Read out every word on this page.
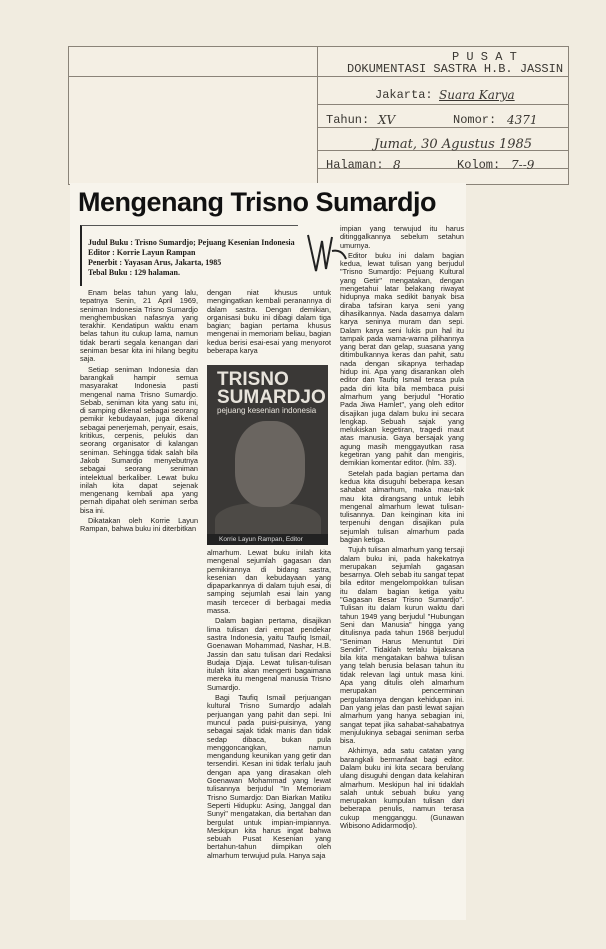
P U S A T
DOKUMENTASI SASTRA H.B. JASSIN
Jakarta: Suara Karya
Tahun: XV	Nomor: 4371
Jumat, 30 Agustus 1985
Halaman: 8	Kolom: 7--9
Mengenang Trisno Sumardjo
Judul Buku : Trisno Sumardjo; Pejuang Kesenian Indonesia
Editor : Korrie Layun Rampan
Penerbit : Yayasan Arus, Jakarta, 1985
Tebal Buku : 129 halaman.

Enam belas tahun yang lalu, tepatnya Senin, 21 April 1969, seniman Indonesia Trisno Sumardjo menghembuskan nafasnya yang terakhir. Kendatipun waktu enam belas tahun itu cukup lama, namun tidak berarti segala kenangan dari seniman besar kita ini hilang begitu saja.

Setiap seniman Indonesia dan barangkali hampir semua masyarakat Indonesia pasti mengenal nama Trisno Sumardjo. Sebab, seniman kita yang satu ini, di samping dikenal sebagai seorang pemikir kebudayaan, juga dikenal sebagai penerjemah, penyair, esais, kritikus, cerpenis, pelukis dan seorang organisator di kalangan seniman. Sehingga tidak salah bila Jakob Sumardjo menyebutnya sebagai seorang seniman intelektual berkaliber. Lewat buku inilah kita dapat sejenak mengenang kembali apa yang pernah dipahat oleh seniman serba bisa ini.

Dikatakan oleh Korrie Layun Rampan, bahwa buku ini diterbitkan

dengan niat khusus untuk mengingatkan kembali peranannya di dalam sastra. Dengan demikian, organisasi buku ini dibagi dalam tiga bagian; bagian pertama khusus mengenai in memoriam beliau, bagian kedua berisi esai-esai yang menyorot beberapa karya

TRISNO SUMARDJO
pejuang kesenian indonesia
Korrie Layun Rampan, Editor

almarhum. Lewat buku inilah kita mengenal sejumlah gagasan dan pemikirannya di bidang sastra, kesenian dan kebudayaan yang dipaparkannya di dalam tujuh esai, di samping sejumlah esai lain yang masih tercecer di berbagai media massa.

Dalam bagian pertama, disajikan lima tulisan dari empat pendekar sastra Indonesia, yaitu Taufiq Ismail, Goenawan Mohammad, Nashar, H.B. Jassin dan satu tulisan dari Redaksi Budaja Djaja. Lewat tulisan-tulisan itulah kita akan mengerti bagaimana mereka itu mengenal manusia Trisno Sumardjo.

Bagi Taufiq Ismail perjuangan kultural Trisno Sumardjo adalah perjuangan yang pahit dan sepi. Ini muncul pada puisi-puisinya, yang sebagai sajak tidak manis dan tidak sedap dibaca, bukan pula menggoncangkan, namun mengandung keunikan yang getir dan tersendiri. Kesan ini tidak terlalu jauh dengan apa yang dirasakan oleh Goenawan Mohammad yang lewat tulisannya berjudul "In Memoriam Trisno Sumardjo: Dan Biarkan Matiku Seperti Hidupku: Asing, Janggal dan Sunyi" mengatakan, dia bertahan dan bergulat untuk impian-impiannya. Meskipun kita harus ingat bahwa sebuah Pusat Kesenian yang bertahun-tahun diimpikan oleh almarhum terwujud pula. Hanya saja

impian yang terwujud itu harus ditinggalkannya sebelum setahun umurnya.

Editor buku ini dalam bagian kedua, lewat tulisan yang berjudul "Trisno Sumardjo: Pejuang Kultural yang Getir" mengatakan, dengan mengetahui latar belakang riwayat hidupnya maka sedikit banyak bisa diraba tafsiran karya seni yang dihasilkannya. Nada dasarnya dalam karya seninya muram dan sepi. Dalam karya seni lukis pun hal itu tampak pada warna-warna pilihannya yang berat dan gelap, suasana yang ditimbulkannya keras dan pahit, satu nada dengan sikapnya terhadap hidup ini. Apa yang disarankan oleh editor dan Taufiq Ismail terasa pula pada diri kita bila membaca puisi almarhum yang berjudul "Horatio Pada Jiwa Hamlet", yang oleh editor disajikan juga dalam buku ini secara lengkap. Sebuah sajak yang melukiskan kegetiran, tragedi maut atas manusia. Gaya bersajak yang agung masih menggayutkan rasa kegetiran yang pahit dan mengiris, demikian komentar editor. (hlm. 33).

Setelah pada bagian pertama dan kedua kita disuguhi beberapa kesan sahabat almarhum, maka mau-tak mau kita dirangsang untuk lebih mengenal almarhum lewat tulisan-tulisannya. Dan keinginan kita ini terpenuhi dengan disajikan pula sejumlah tulisan almarhum pada bagian ketiga.

Tujuh tulisan almarhum yang tersaji dalam buku ini, pada hakekatnya merupakan sejumlah gagasan besarnya. Oleh sebab itu sangat tepat bila editor mengelompokkan tulisan itu dalam bagian ketiga yaitu "Gagasan Besar Trisno Sumardjo". Tulisan itu dalam kurun waktu dari tahun 1949 yang berjudul "Hubungan Seni dan Manusia" hingga yang ditulisnya pada tahun 1968 berjudul "Seniman Harus Menuntut Diri Sendiri". Tidaklah terlalu bijaksana bila kita mengatakan bahwa tulisan yang telah berusia belasan tahun itu tidak relevan lagi untuk masa kini. Apa yang ditulis oleh almarhum merupakan pencerminan pergulatannya dengan kehidupan ini. Dan yang jelas dan pasti lewat sajian almarhum yang hanya sebagian ini, sangat tepat jika sahabat-sahabatnya menjulukinya sebagai seniman serba bisa.

Akhirnya, ada satu catatan yang barangkali bermanfaat bagi editor. Dalam buku ini kita secara berulang ulang disuguhi dengan data kelahiran almarhum. Meskipun hal ini tidaklah salah untuk sebuah buku yang merupakan kumpulan tulisan dari beberapa penulis, namun terasa cukup mengganggu. (Gunawan Wibisono Adidarmodjo).
